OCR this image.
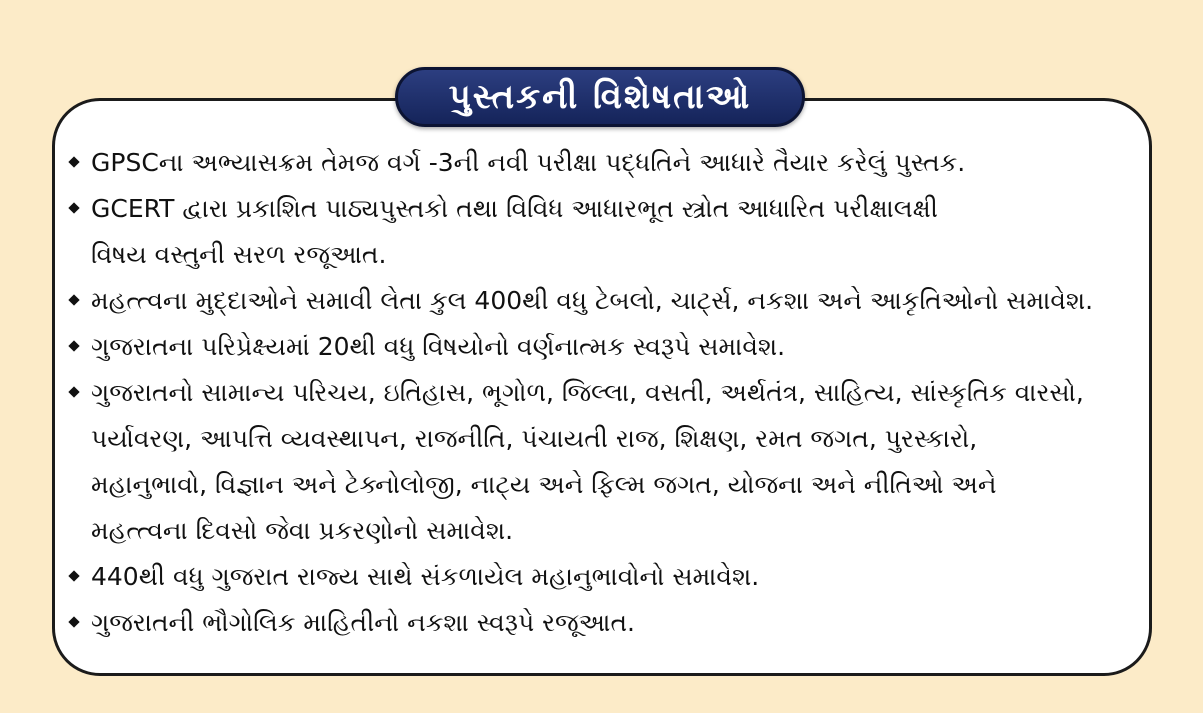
પુસ્તકની વિશેષતાઓ
GPSCના અભ્યાસક્રમ તેમજ વર્ગ -3ની નવી પરીક્ષા પદ્ધતિને આધારે તૈયાર કરેલું પુસ્તક.
GCERT દ્વારા પ્રકાશિત પાઠ્યપુસ્તકો તથા વિવિધ આધારભૂત સ્ત્રોત આધારિત પરીક્ષાલક્ષી
વિષય વસ્તુની સરળ રજૂઆત.
મહત્ત્વના મુદ્દાઓને સમાવી લેતા કુલ 400થી વધુ ટેબલો, ચાર્ટ્સ, નકશા અને આકૃતિઓનો સમાવેશ.
ગુજરાતના પરિપ્રેક્ષ્યમાં 20થી વધુ વિષયોનો વર્ણનાત્મક સ્વરૂપે સમાવેશ.
ગુજરાતનો સામાન્ય પરિચય, ઇતિહાસ, ભૂગોળ, જિલ્લા, વસતી, અર્થતંત્ર, સાહિત્ય, સાંસ્કૃતિક વારસો,
પર્યાવરણ, આપત્તિ વ્યવસ્થાપન, રાજનીતિ, પંચાયતી રાજ, શિક્ષણ, રમત જગત, પુરસ્કારો,
મહાનુભાવો, વિજ્ઞાન અને ટેક્નોલોજી, નાટ્ય અને ફિલ્મ જગત, યોજના અને નીતિઓ અને
મહત્ત્વના દિવસો જેવા પ્રકરણોનો સમાવેશ.
440થી વધુ ગુજરાત રાજ્ય સાથે સંકળાયેલ મહાનુભાવોનો સમાવેશ.
ગુજરાતની ભૌગોલિક માહિતીનો નકશા સ્વરૂપે રજૂઆત.
